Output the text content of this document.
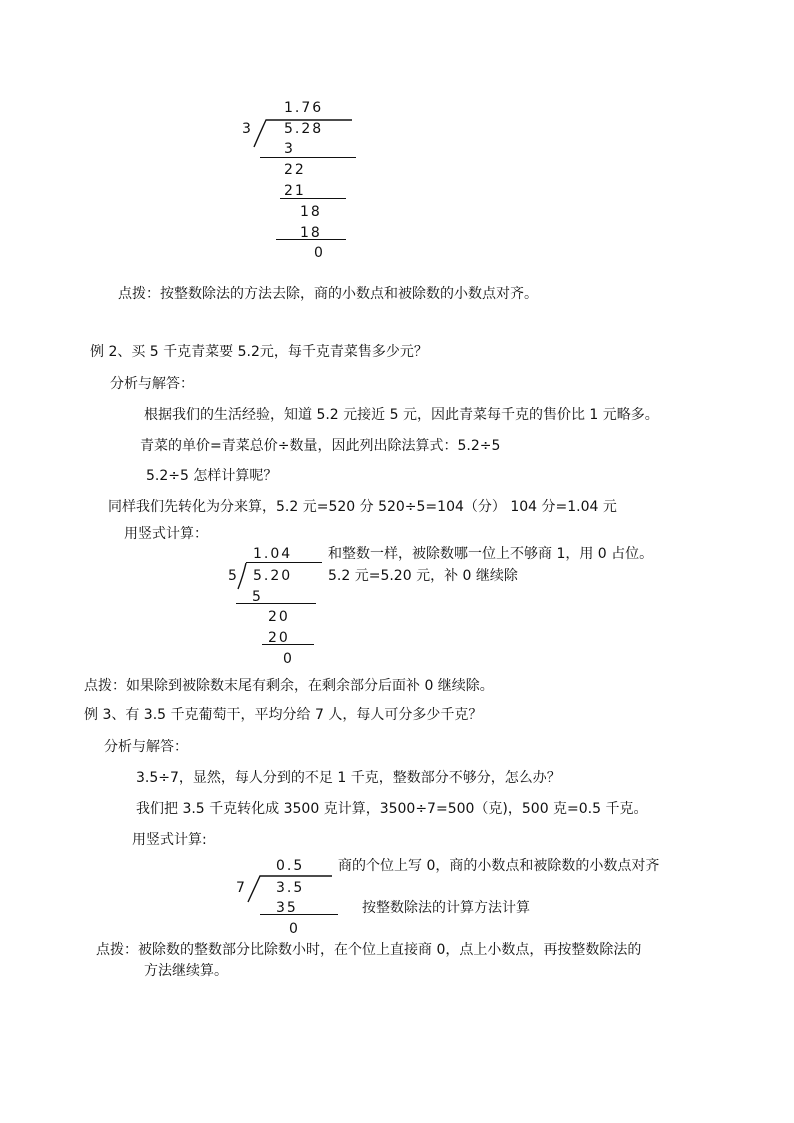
1.76
3 5.28
3
22
21
18
18
0
点拨：按整数除法的方法去除，商的小数点和被除数的小数点对齐。
例 2、买 5 千克青菜要 5.2元，每千克青菜售多少元？
分析与解答：
根据我们的生活经验，知道 5.2 元接近 5 元，因此青菜每千克的售价比 1 元略多。
青菜的单价=青菜总价÷数量，因此列出除法算式：5.2÷5
5.2÷5 怎样计算呢？
同样我们先转化为分来算，5.2 元=520 分 520÷5=104（分） 104 分=1.04 元
用竖式计算：
1.04
5 5.20
5
20
20
0
和整数一样，被除数哪一位上不够商 1，用 0 占位。
5.2 元=5.20 元，补 0 继续除
点拨：如果除到被除数末尾有剩余，在剩余部分后面补 0 继续除。
例 3、有 3.5 千克葡萄干，平均分给 7 人，每人可分多少千克？
分析与解答：
3.5÷7，显然，每人分到的不足 1 千克，整数部分不够分，怎么办？
我们把 3.5 千克转化成 3500 克计算，3500÷7=500（克)，500 克=0.5 千克。
用竖式计算:
0.5
7 3.5
35
0
商的个位上写 0，商的小数点和被除数的小数点对齐
按整数除法的计算方法计算
点拨：被除数的整数部分比除数小时，在个位上直接商 0，点上小数点，再按整数除法的
方法继续算。
